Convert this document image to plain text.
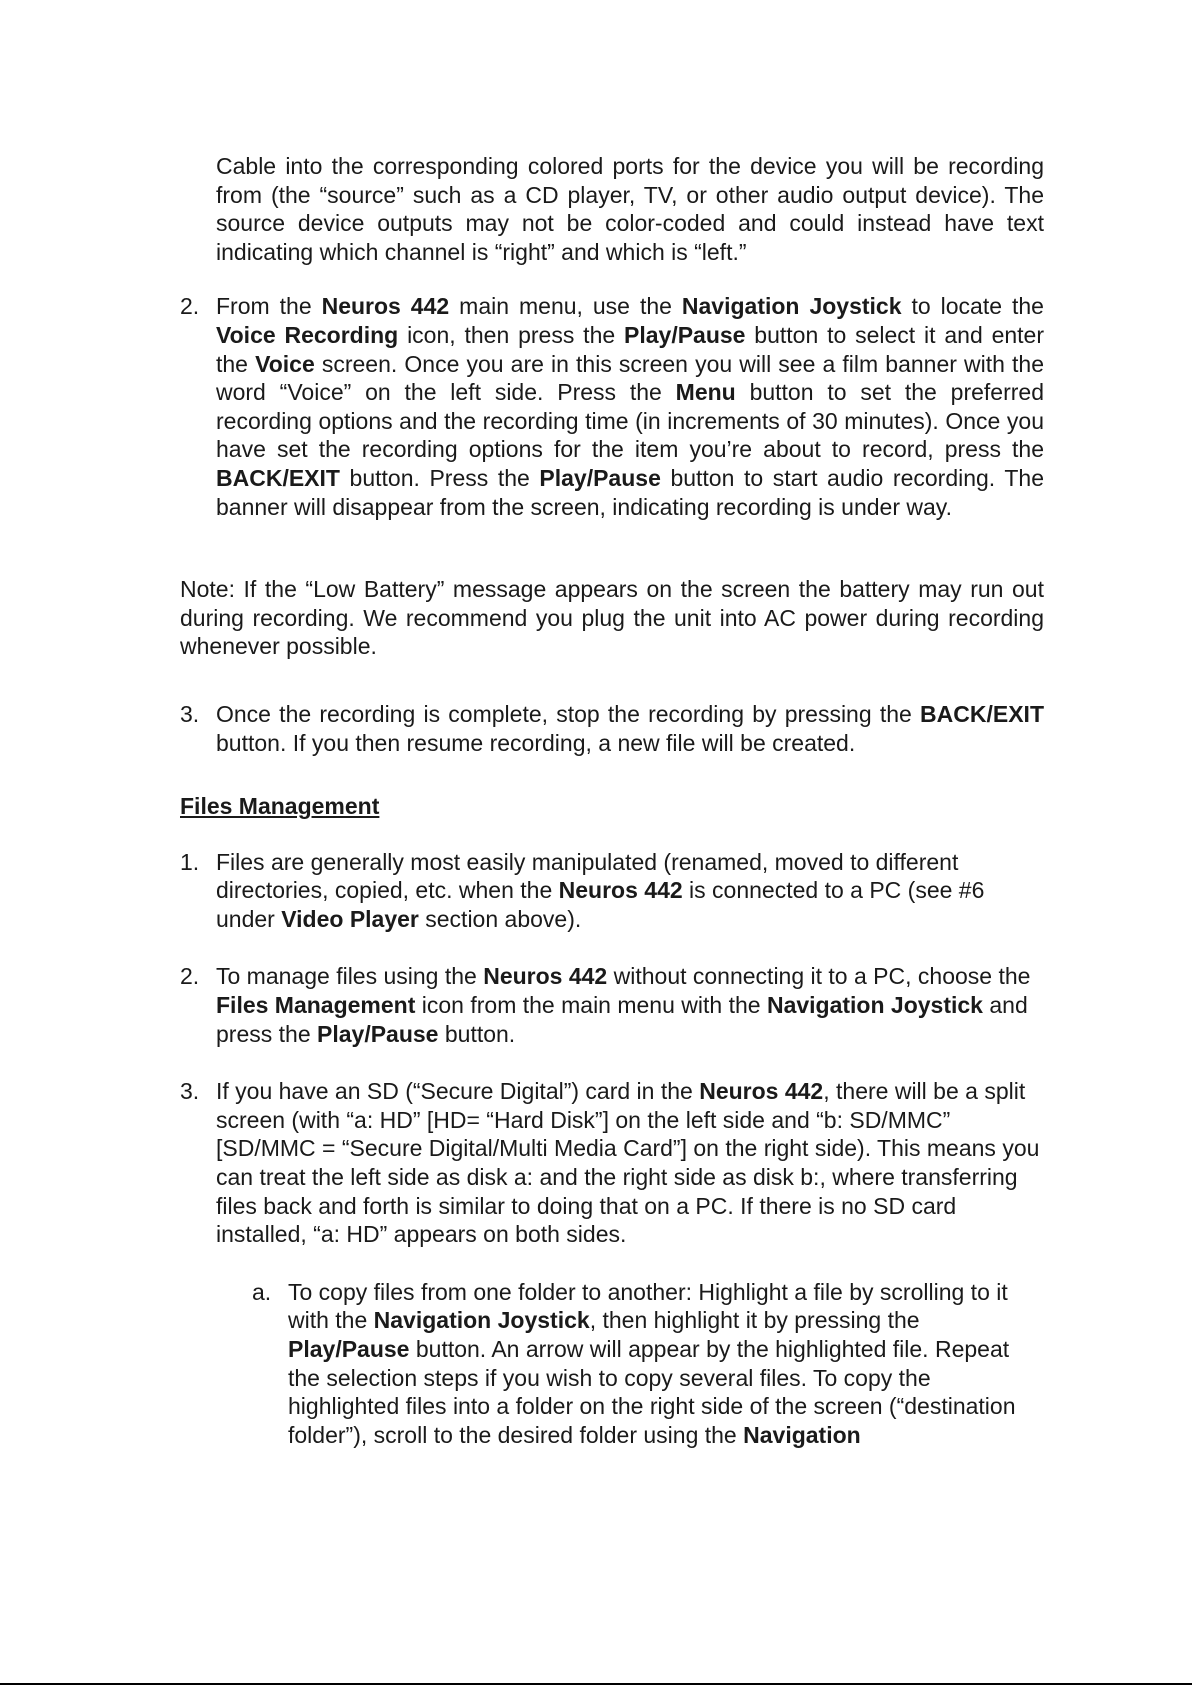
Cable into the corresponding colored ports for the device you will be recording from (the “source” such as a CD player, TV, or other audio output device). The source device outputs may not be color-coded and could instead have text indicating which channel is “right” and which is “left.”
2. From the Neuros 442 main menu, use the Navigation Joystick to locate the Voice Recording icon, then press the Play/Pause button to select it and enter the Voice screen. Once you are in this screen you will see a film banner with the word “Voice” on the left side. Press the Menu button to set the preferred recording options and the recording time (in increments of 30 minutes). Once you have set the recording options for the item you’re about to record, press the BACK/EXIT button. Press the Play/Pause button to start audio recording. The banner will disappear from the screen, indicating recording is under way.
Note: If the “Low Battery” message appears on the screen the battery may run out during recording. We recommend you plug the unit into AC power during recording whenever possible.
3. Once the recording is complete, stop the recording by pressing the BACK/EXIT button. If you then resume recording, a new file will be created.
Files Management
1. Files are generally most easily manipulated (renamed, moved to different directories, copied, etc. when the Neuros 442 is connected to a PC (see #6 under Video Player section above).
2. To manage files using the Neuros 442 without connecting it to a PC, choose the Files Management icon from the main menu with the Navigation Joystick and press the Play/Pause button.
3. If you have an SD (“Secure Digital”) card in the Neuros 442, there will be a split screen (with “a: HD” [HD= “Hard Disk”] on the left side and “b: SD/MMC” [SD/MMC = “Secure Digital/Multi Media Card”] on the right side). This means you can treat the left side as disk a: and the right side as disk b:, where transferring files back and forth is similar to doing that on a PC. If there is no SD card installed, “a: HD” appears on both sides.
a. To copy files from one folder to another: Highlight a file by scrolling to it with the Navigation Joystick, then highlight it by pressing the Play/Pause button. An arrow will appear by the highlighted file. Repeat the selection steps if you wish to copy several files. To copy the highlighted files into a folder on the right side of the screen (“destination folder”), scroll to the desired folder using the Navigation
